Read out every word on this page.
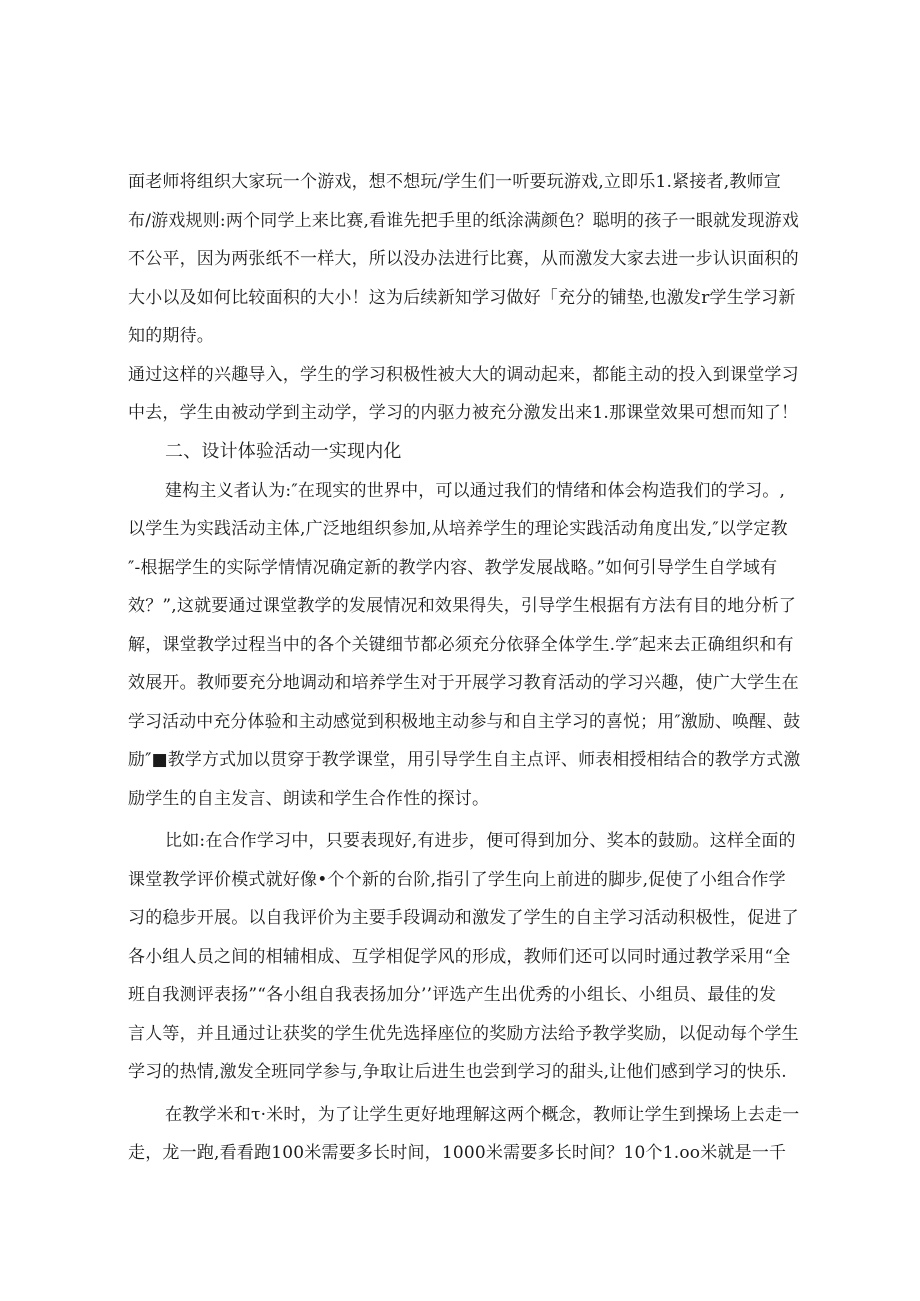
面老师将组织大家玩一个游戏，想不想玩/学生们一听要玩游戏,立即乐1.紧接者,教师宣
布/游戏规则:两个同学上来比赛,看谁先把手里的纸涂满颜色？聪明的孩子一眼就发现游戏
不公平，因为两张纸不一样大，所以没办法进行比赛，从而激发大家去进一步认识面积的
大小以及如何比较面积的大小！这为后续新知学习做好「充分的铺垫,也激发r学生学习新
知的期待。
通过这样的兴趣导入，学生的学习积极性被大大的调动起来，都能主动的投入到课堂学习
中去，学生由被动学到主动学，学习的内驱力被充分激发出来1.那课堂效果可想而知了！
二、设计体验活动一实现内化
建构主义者认为:″在现实的世界中，可以通过我们的情绪和体会构造我们的学习。,
以学生为实践活动主体,广泛地组织参加,从培养学生的理论实践活动角度出发,″以学定教
″-根据学生的实际学情情况确定新的教学内容、教学发展战略。”如何引导学生自学域有
效？”,这就要通过课堂教学的发展情况和效果得失，引导学生根据有方法有目的地分析了
解，课堂教学过程当中的各个关键细节都必须充分依驿全体学生.学″起来去正确组织和有
效展开。教师要充分地调动和培养学生对于开展学习教育活动的学习兴趣，使广大学生在
学习活动中充分体验和主动感觉到积极地主动参与和自主学习的喜悦；用″激励、唤醒、鼓
励″■教学方式加以贯穿于教学课堂，用引导学生自主点评、师表相授相结合的教学方式激
励学生的自主发言、朗读和学生合作性的探讨。
比如:在合作学习中，只要表现好,有进步，便可得到加分、奖本的鼓励。这样全面的
课堂教学评价模式就好像•个个新的台阶,指引了学生向上前进的脚步,促使了小组合作学
习的稳步开展。以自我评价为主要手段调动和激发了学生的自主学习活动积极性，促进了
各小组人员之间的相辅相成、互学相促学风的形成，教师们还可以同时通过教学采用“全
班自我测评表扬”“各小组自我表扬加分’’评选产生出优秀的小组长、小组员、最佳的发
言人等，并且通过让获奖的学生优先选择座位的奖励方法给予教学奖励，以促动每个学生
学习的热情,激发全班同学参与,争取让后进生也尝到学习的甜头,让他们感到学习的快乐.
在教学米和τ·米时，为了让学生更好地理解这两个概念，教师让学生到操场上去走一
走，龙一跑,看看跑100米需要多长时间，1000米需要多长时间？10个1.oo米就是一千
